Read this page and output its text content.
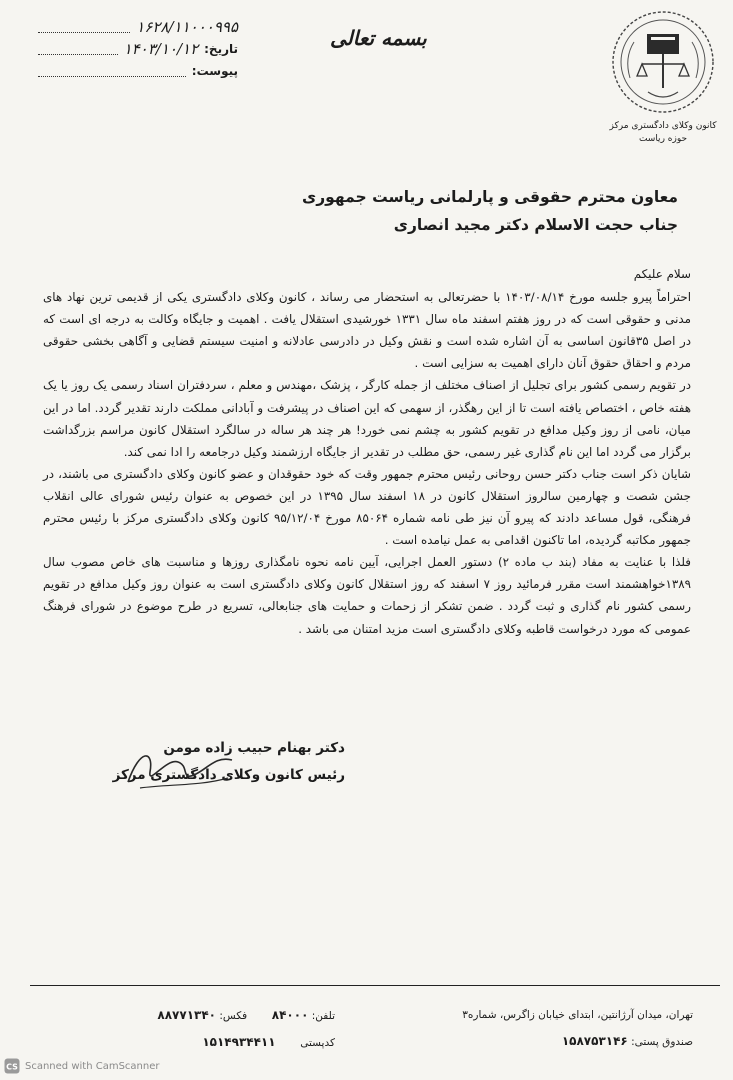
۱۶۲۸/۱۱۰۰۰۹۹۵
تاریخ:
۱۴۰۳/۱۰/۱۲
پیوست:
بسمه تعالی
کانون وکلای دادگستری مرکز
حوزه ریاست
معاون محترم حقوقی و پارلمانی ریاست جمهوری
جناب حجت الاسلام دکتر مجید انصاری

سلام علیکم

احتراماً پیرو جلسه مورخ ۱۴۰۳/۰۸/۱۴ با حضرتعالی به استحضار می رساند ، کانون وکلای دادگستری یکی از قدیمی ترین نهاد های مدنی و حقوقی است که در روز هفتم اسفند ماه سال ۱۳۳۱ خورشیدی استقلال یافت . اهمیت و جایگاه وکالت به درجه ای است که در اصل ۳۵قانون اساسی به آن اشاره شده است و نقش وکیل در دادرسی عادلانه و امنیت سیستم قضایی و آگاهی بخشی حقوقی مردم و احقاق حقوق آنان دارای اهمیت به سزایی است .

در تقویم رسمی کشور برای تجلیل از اصناف مختلف از جمله کارگر ، پزشک ،مهندس و معلم ، سردفتران اسناد رسمی یک روز یا یک هفته خاص ، اختصاص یافته است تا از این رهگذر، از سهمی که این اصناف در پیشرفت و آبادانی مملکت دارند تقدیر گردد. اما در این میان، نامی از روز وکیل مدافع در تقویم کشور به چشم نمی خورد! هر چند هر ساله در سالگرد استقلال کانون مراسم بزرگداشت برگزار می گردد اما این نام گذاری غیر رسمی، حق مطلب در تقدیر از جایگاه ارزشمند وکیل درجامعه را ادا نمی کند.

شایان ذکر است جناب دکتر حسن روحانی رئیس محترم جمهور وقت که خود حقوقدان و عضو کانون وکلای دادگستری می باشند، در جشن شصت و چهارمین سالروز استقلال کانون در ۱۸ اسفند سال ۱۳۹۵ در این خصوص به عنوان رئیس شورای عالی انقلاب فرهنگی، قول مساعد دادند که پیرو آن نیز طی نامه شماره ۸۵۰۶۴ مورخ ۹۵/۱۲/۰۴ کانون وکلای دادگستری مرکز با رئیس محترم جمهور مکاتبه گردیده، اما تاکنون اقدامی به عمل نیامده است .

فلذا با عنایت به مفاد (بند ب ماده ۲) دستور العمل اجرایی، آیین نامه نحوه نامگذاری روزها و مناسبت های خاص مصوب سال ۱۳۸۹خواهشمند است مقرر فرمائید روز ۷ اسفند که روز استقلال کانون وکلای دادگستری است به عنوان روز وکیل مدافع در تقویم رسمی کشور نام گذاری و ثبت گردد . ضمن تشکر از زحمات و حمایت های جنابعالی، تسریع در طرح موضوع در شورای فرهنگ عمومی که مورد درخواست قاطبه وکلای دادگستری است مزید امتنان می باشد .

دکتر بهنام حبیب زاده مومن
رئیس کانون وکلای دادگستری مرکز
تهران، میدان آرژانتین، ابتدای خیابان زاگرس، شماره۳
صندوق پستی: ۱۵۸۷۵۳۱۴۶
تلفن: ۸۴۰۰۰  فکس: ۸۸۷۷۱۳۴۰
کدپستی  ۱۵۱۴۹۳۴۴۱۱
CS Scanned with CamScanner
